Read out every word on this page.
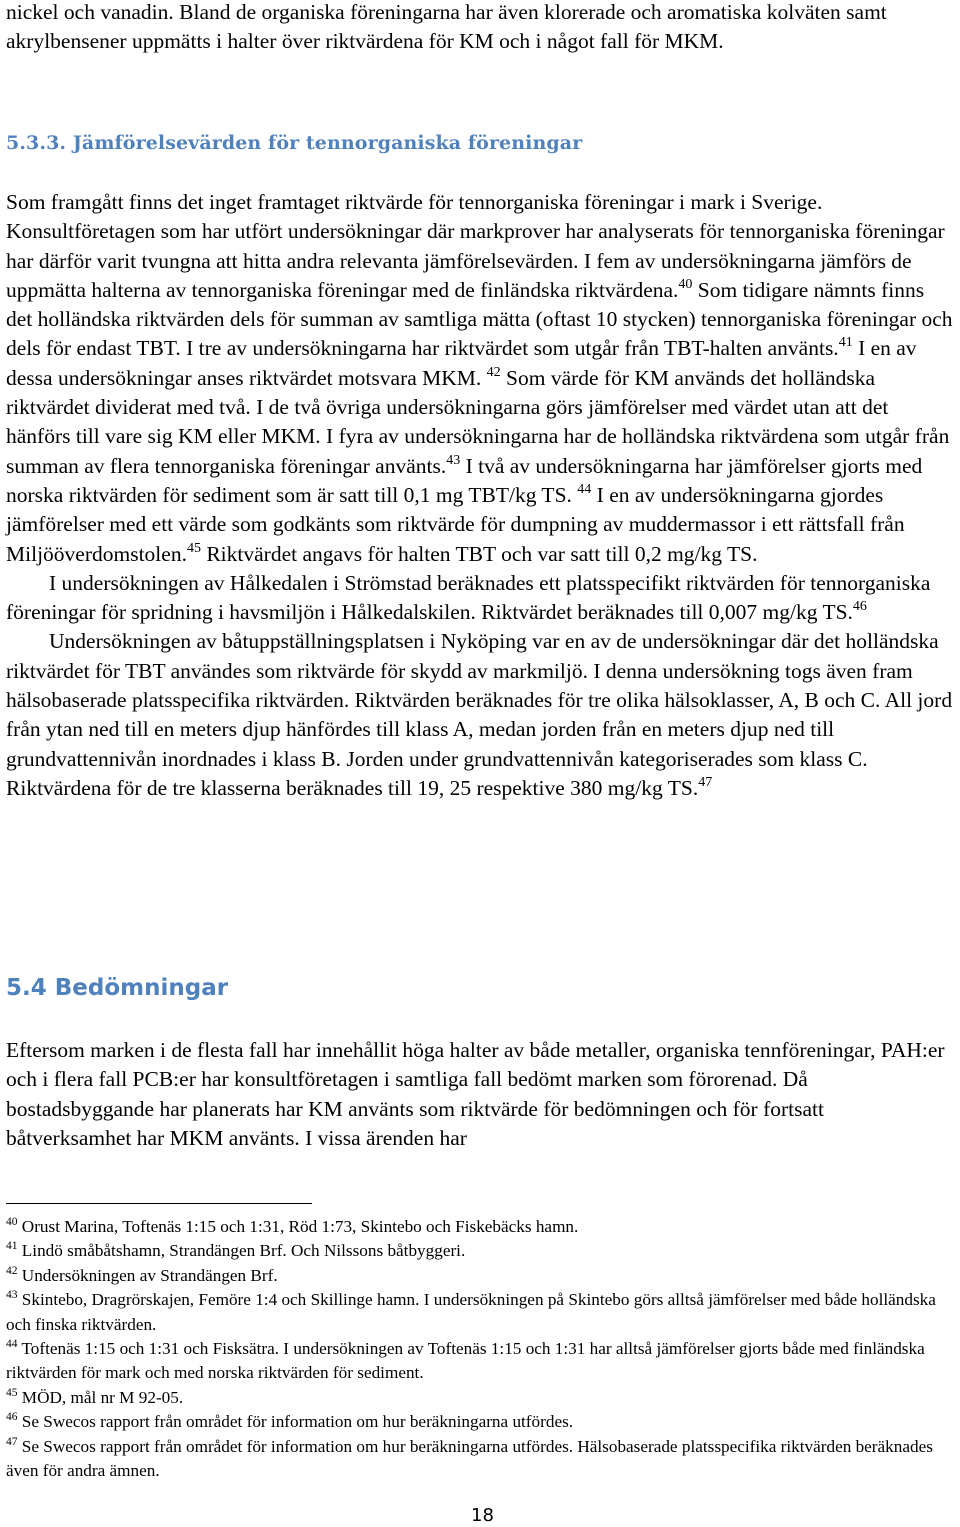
nickel och vanadin. Bland de organiska föreningarna har även klorerade och aromatiska kolväten samt akrylbensener uppmätts i halter över riktvärdena för KM och i något fall för MKM.

5.3.3. Jämförelsevärden för tennorganiska föreningar

Som framgått finns det inget framtaget riktvärde för tennorganiska föreningar i mark i Sverige. Konsultföretagen som har utfört undersökningar där markprover har analyserats för tennorganiska föreningar har därför varit tvungna att hitta andra relevanta jämförelsevärden. I fem av undersökningarna jämförs de uppmätta halterna av tennorganiska föreningar med de finländska riktvärdena.$^{40}$ Som tidigare nämnts finns det holländska riktvärden dels för summan av samtliga mätta (oftast 10 stycken) tennorganiska föreningar och dels för endast TBT. I tre av undersökningarna har riktvärdet som utgår från TBT-halten använts.$^{41}$ I en av dessa undersökningar anses riktvärdet motsvara MKM. $^{42}$ Som värde för KM används det holländska riktvärdet dividerat med två. I de två övriga undersökningarna görs jämförelser med värdet utan att det hänförs till vare sig KM eller MKM. I fyra av undersökningarna har de holländska riktvärdena som utgår från summan av flera tennorganiska föreningar använts.$^{43}$ I två av undersökningarna har jämförelser gjorts med norska riktvärden för sediment som är satt till 0,1 mg TBT/kg TS. $^{44}$ I en av undersökningarna gjordes jämförelser med ett värde som godkänts som riktvärde för dumpning av muddermassor i ett rättsfall från Miljööverdomstolen.$^{45}$ Riktvärdet angavs för halten TBT och var satt till 0,2 mg/kg TS.

I undersökningen av Hålkedalen i Strömstad beräknades ett platsspecifikt riktvärden för tennorganiska föreningar för spridning i havsmiljön i Hålkedalskilen. Riktvärdet beräknades till 0,007 mg/kg TS.$^{46}$

Undersökningen av båtuppställningsplatsen i Nyköping var en av de undersökningar där det holländska riktvärdet för TBT användes som riktvärde för skydd av markmiljö. I denna undersökning togs även fram hälsobaserade platsspecifika riktvärden. Riktvärden beräknades för tre olika hälsoklasser, A, B och C. All jord från ytan ned till en meters djup hänfördes till klass A, medan jorden från en meters djup ned till grundvattennivån inordnades i klass B. Jorden under grundvattennivån kategoriserades som klass C. Riktvärdena för de tre klasserna beräknades till 19, 25 respektive 380 mg/kg TS.$^{47}$

5.4 Bedömningar

Eftersom marken i de flesta fall har innehållit höga halter av både metaller, organiska tennföreningar, PAH:er och i flera fall PCB:er har konsultföretagen i samtliga fall bedömt marken som förorenad. Då bostadsbyggande har planerats har KM använts som riktvärde för bedömningen och för fortsatt båtverksamhet har MKM använts. I vissa ärenden har

$^{40}$ Orust Marina, Toftenäs 1:15 och 1:31, Röd 1:73, Skintebo och Fiskebäcks hamn.

$^{41}$ Lindö småbåtshamn, Strandängen Brf. Och Nilssons båtbyggeri.

$^{42}$ Undersökningen av Strandängen Brf.

$^{43}$ Skintebo, Dragrörskajen, Femöre 1:4 och Skillinge hamn. I undersökningen på Skintebo görs alltså jämförelser med både holländska och finska riktvärden.

$^{44}$ Toftenäs 1:15 och 1:31 och Fisksätra. I undersökningen av Toftenäs 1:15 och 1:31 har alltså jämförelser gjorts både med finländska riktvärden för mark och med norska riktvärden för sediment.

$^{45}$ MÖD, mål nr M 92-05.

$^{46}$ Se Swecos rapport från området för information om hur beräkningarna utfördes.

$^{47}$ Se Swecos rapport från området för information om hur beräkningarna utfördes. Hälsobaserade platsspecifika riktvärden beräknades även för andra ämnen.

18
